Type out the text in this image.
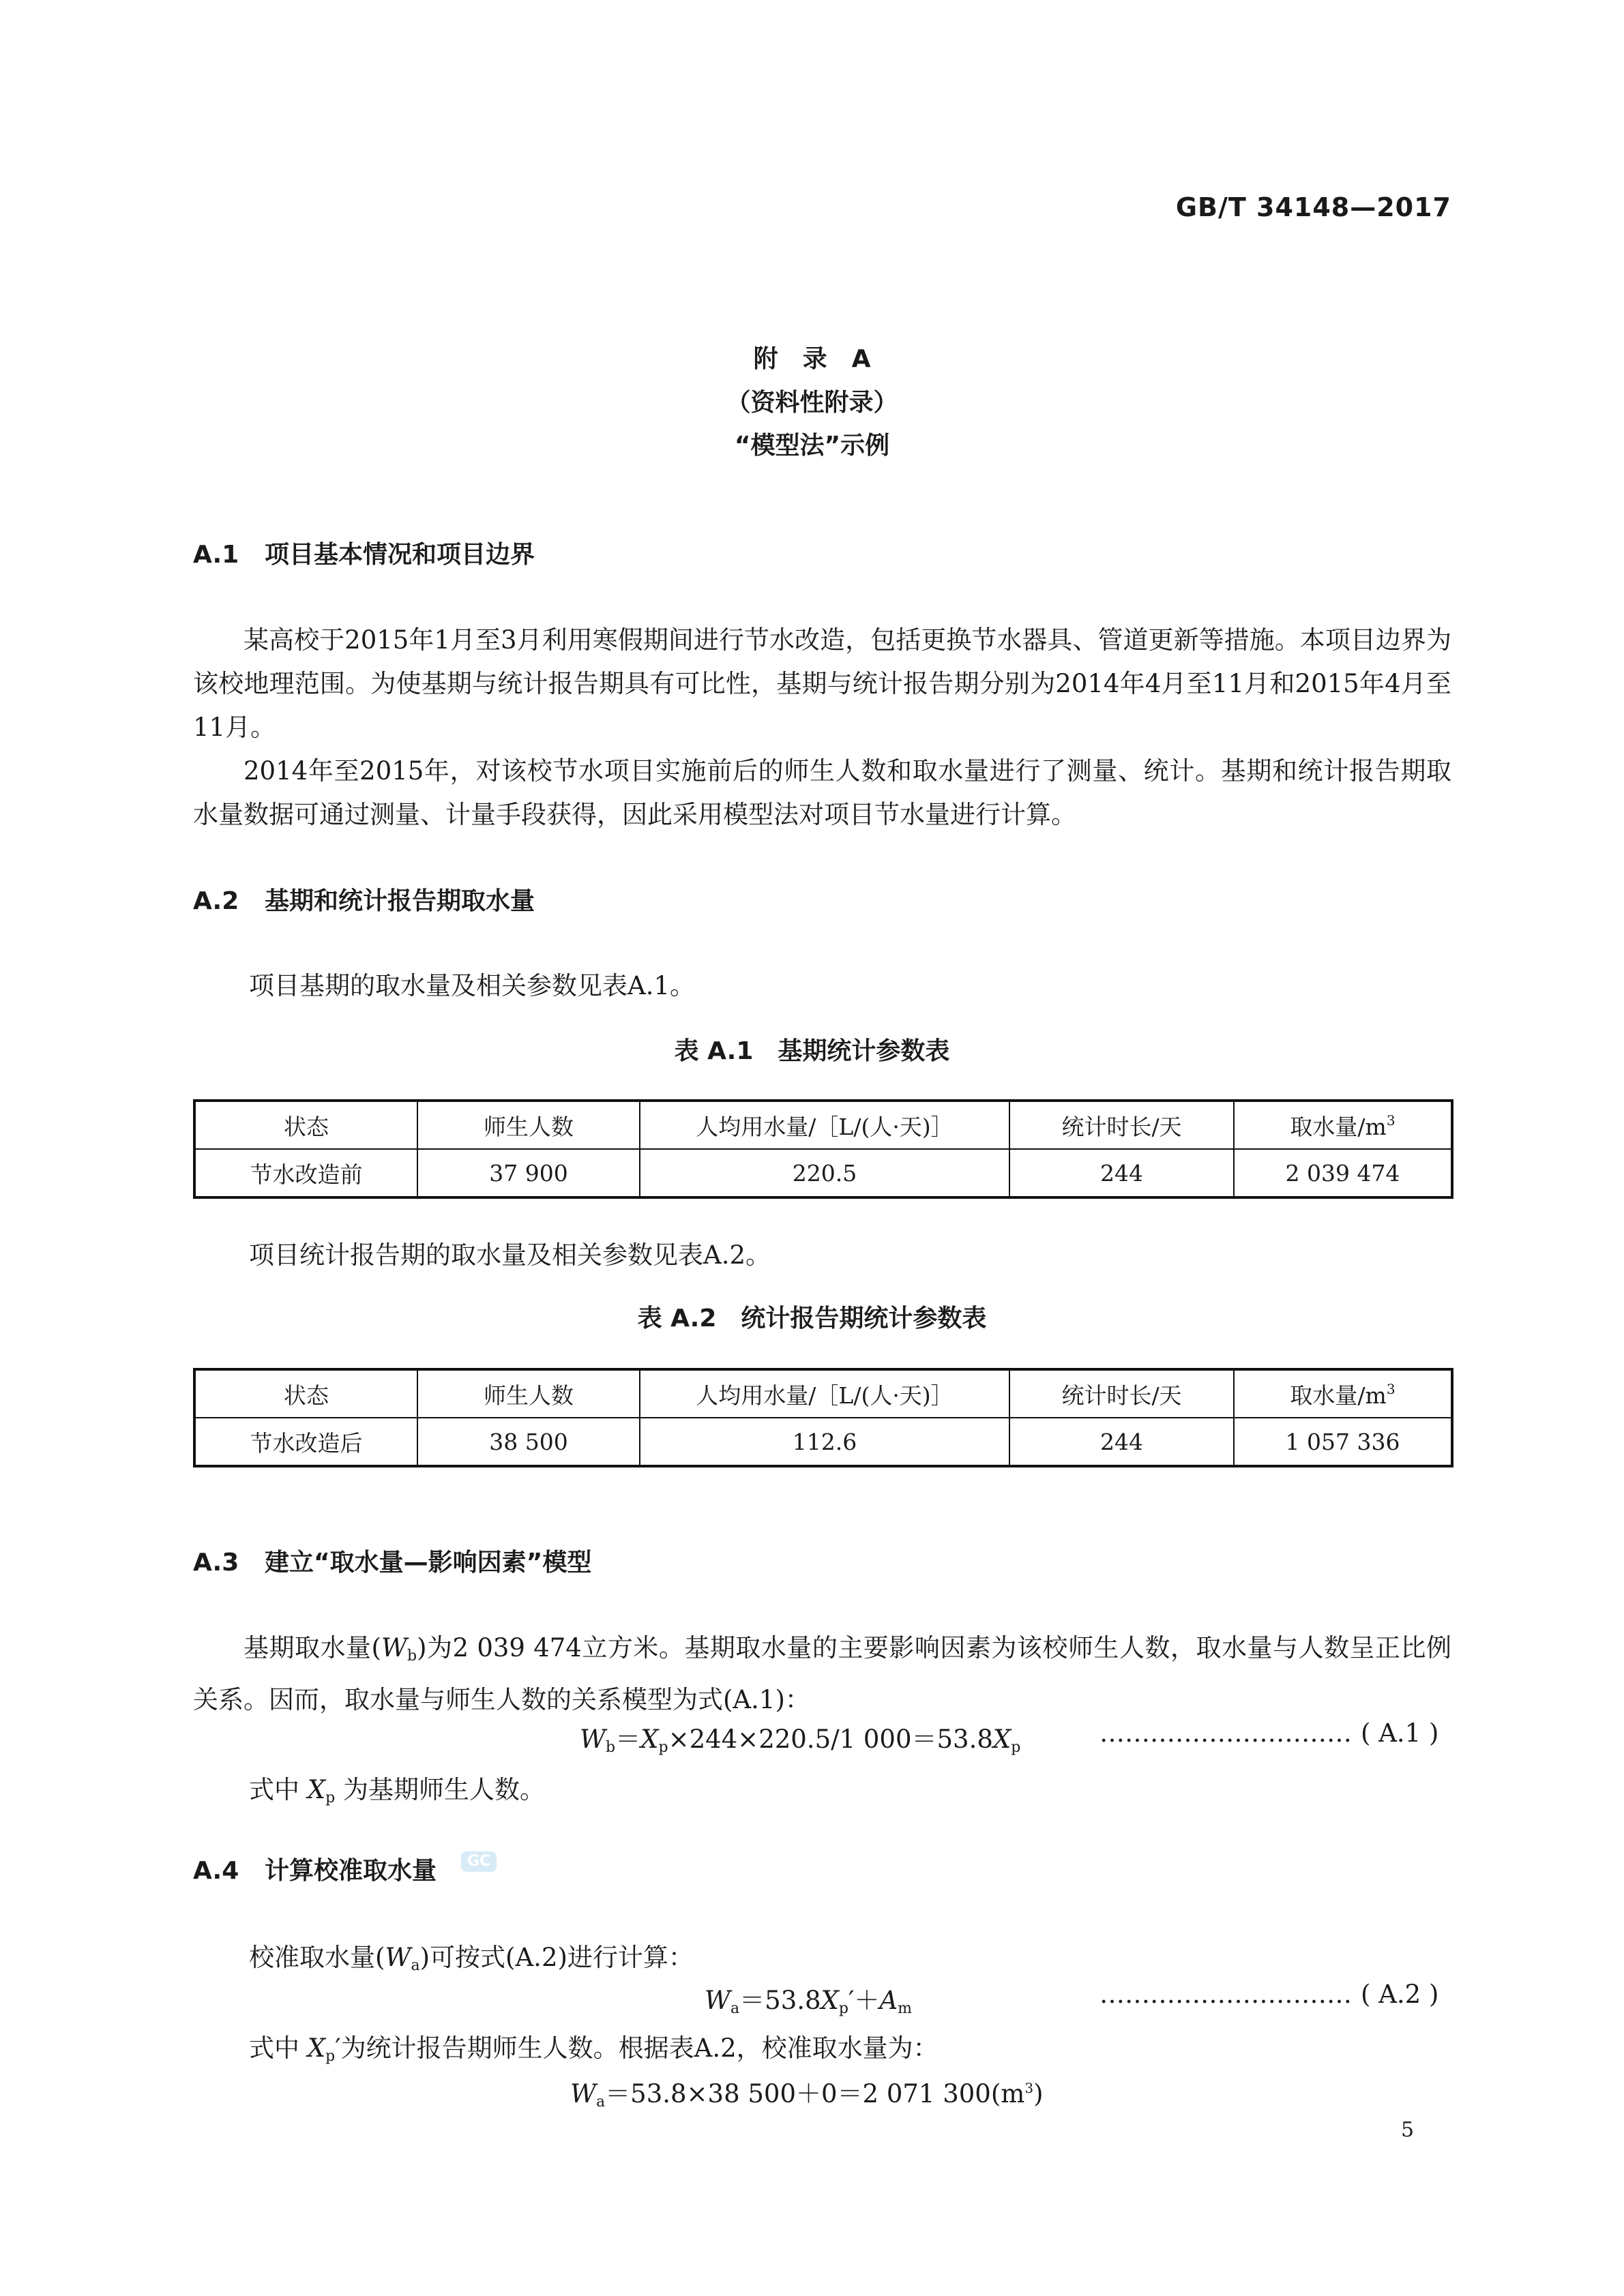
GB/T 34148—2017
附　录　A
（资料性附录）
“模型法”示例
A.1 项目基本情况和项目边界

某高校于2015年1月至3月利用寒假期间进行节水改造，包括更换节水器具、管道更新等措施。本项目边界为该校地理范围。为使基期与统计报告期具有可比性，基期与统计报告期分别为2014年4月至11月和2015年4月至11月。

2014年至2015年，对该校节水项目实施前后的师生人数和取水量进行了测量、统计。基期和统计报告期取水量数据可通过测量、计量手段获得，因此采用模型法对项目节水量进行计算。

A.2 基期和统计报告期取水量
项目基期的取水量及相关参数见表A.1。
表 A.1　基期统计参数表
状态	师生人数	人均用水量/［L/(人·天)］	统计时长/天	取水量$/m^3$
节水改造前	37 900	220.5	244	2 039 474
项目统计报告期的取水量及相关参数见表A.2。
表 A.2　统计报告期统计参数表
状态	师生人数	人均用水量/［L/(人·天)］	统计时长/天	取水量$/m^3$
节水改造后	38 500	112.6	244	1 057 336
A.3 建立“取水量—影响因素”模型

基期取水量$(W_b)$为2 039 474立方米。基期取水量的主要影响因素为该校师生人数，取水量与人数呈正比例关系。因而，取水量与师生人数的关系模型为式(A.1)：

$W_b=X_p\times 244\times 220.5/1$ $000=53.8X_p$	………………………… ( A.1 )
式中 $X_p$ 为基期师生人数。
A.4 计算校准取水量	GC
校准取水量$(W_a)$可按式(A.2)进行计算：
$W_a=53.8X_p'+A_m$	………………………… ( A.2 )
式中 $X_p'$为统计报告期师生人数。根据表A.2，校准取水量为：
$W_a=53.8\times 38$ 500＋0＝2 071 $300(m^3)$
5
